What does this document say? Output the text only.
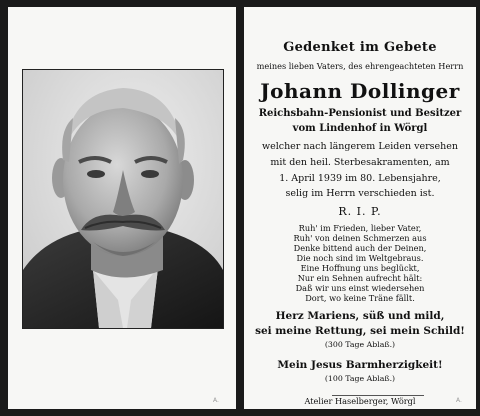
A.
Gedenket im Gebete
meines lieben Vaters, des ehrengeachteten Herrn
Johann Dollinger
Reichsbahn-Pensionist und Besitzer
vom Lindenhof in Wörgl
welcher nach längerem Leiden versehen
mit den heil. Sterbesakramenten, am
1. April 1939 im 80. Lebensjahre,
selig im Herrn verschieden ist.
R. I. P.
Ruh' im Frieden, lieber Vater,
Ruh' von deinen Schmerzen aus
Denke bittend auch der Deinen,
Die noch sind im Weltgebraus.
Eine Hoffnung uns beglückt,
Nur ein Sehnen aufrecht hält:
Daß wir uns einst wiedersehen
Dort, wo keine Träne fällt.
Herz Mariens, süß und mild,
sei meine Rettung, sei mein Schild!
(300 Tage Ablaß.)
Mein Jesus Barmherzigkeit!
(100 Tage Ablaß.)
Atelier Haselberger, Wörgl	A.
